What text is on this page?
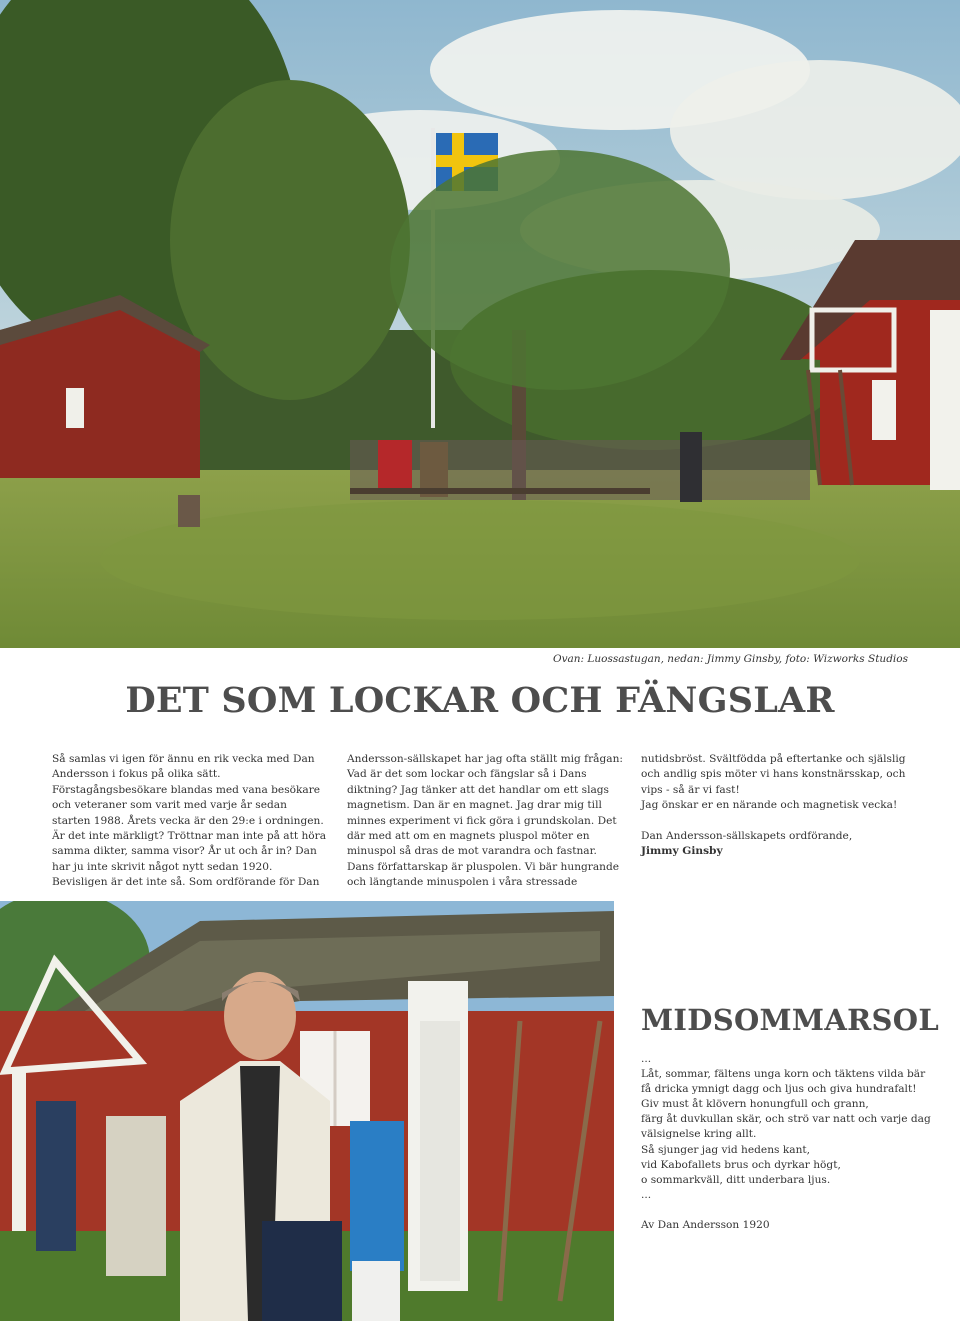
Ovan: Luossastugan, nedan: Jimmy Ginsby, foto: Wizworks Studios
DET SOM LOCKAR OCH FÄNGSLAR

Så samlas vi igen för ännu en rik vecka med Dan Andersson i fokus på olika sätt. Förstagångsbesökare blandas med vana besökare och veteraner som varit med varje år sedan starten 1988. Årets vecka är den 29:e i ordningen. Är det inte märkligt? Tröttnar man inte på att höra samma dikter, samma visor? År ut och år in? Dan har ju inte skrivit något nytt sedan 1920. Bevisligen är det inte så. Som ordförande för Dan

Andersson-sällskapet har jag ofta ställt mig frågan: Vad är det som lockar och fängslar så i Dans diktning? Jag tänker att det handlar om ett slags magnetism. Dan är en magnet. Jag drar mig till minnes experiment vi fick göra i grundskolan. Det där med att om en magnets pluspol möter en minuspol så dras de mot varandra och fastnar. Dans författarskap är pluspolen. Vi bär hungrande och längtande minuspolen i våra stressade

nutidsbröst. Svältfödda på eftertanke och själslig och andlig spis möter vi hans konstnärsskap, och vips - så är vi fast!

Jag önskar er en närande och magnetisk vecka!

Dan Andersson-sällskapets ordförande,

Jimmy Ginsby

MIDSOMMARSOL
...
Låt, sommar, fältens unga korn och täktens vilda bär
få dricka ymnigt dagg och ljus och giva hundrafalt!
Giv must åt klövern honungfull och grann,
färg åt duvkullan skär, och strö var natt och varje dag
välsignelse kring allt.
Så sjunger jag vid hedens kant,
vid Kabofallets brus och dyrkar högt,
o sommarkväll, ditt underbara ljus.
...
Av Dan Andersson 1920
